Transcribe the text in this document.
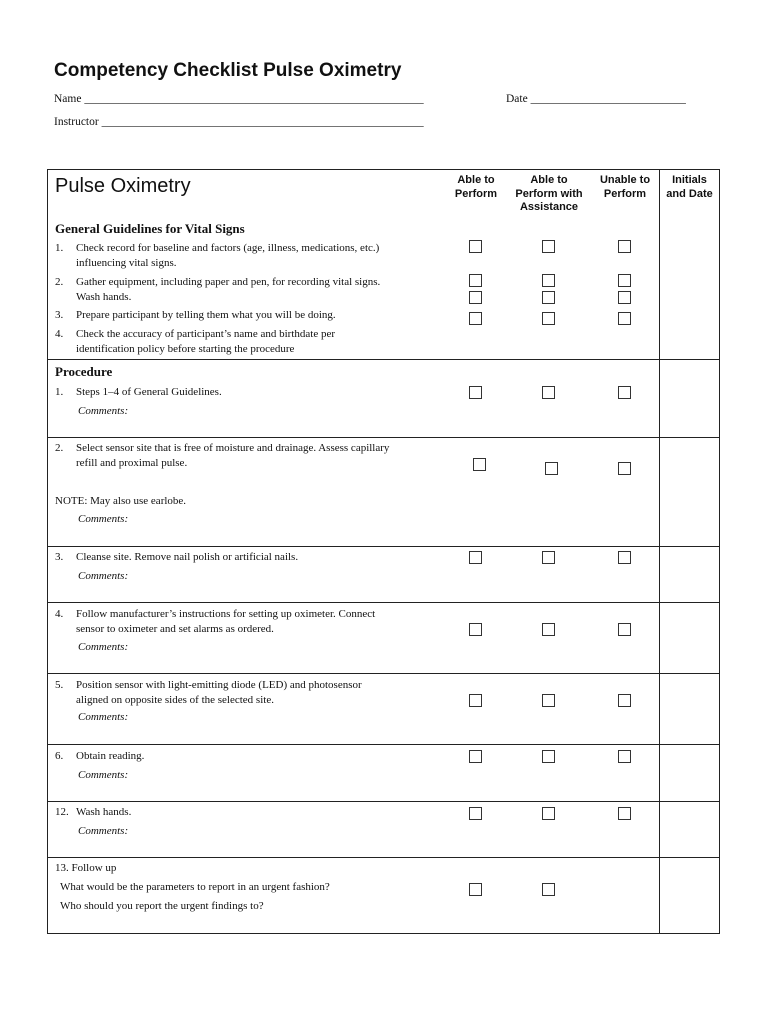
Competency Checklist Pulse Oximetry
Name ___________________________________________________________	Date ___________________________
Instructor ________________________________________________________
Pulse Oximetry	Able to
Perform
Able to
Perform with
Assistance
Unable to
Perform
Initials
and Date
General Guidelines for Vital Signs
1. Check record for baseline and factors (age, illness, medications, etc.)
influencing vital signs.
2. Gather equipment, including paper and pen, for recording vital signs.
Wash hands.
3. Prepare participant by telling them what you will be doing.
4. Check the accuracy of participant’s name and birthdate per
identification policy before starting the procedure
Procedure
1. Steps 1–4 of General Guidelines.
Comments:
2. Select sensor site that is free of moisture and drainage. Assess capillary
refill and proximal pulse.
NOTE: May also use earlobe.
Comments:
3. Cleanse site. Remove nail polish or artificial nails.
Comments:
4. Follow manufacturer’s instructions for setting up oximeter. Connect
sensor to oximeter and set alarms as ordered.
Comments:
5. Position sensor with light-emitting diode (LED) and photosensor
aligned on opposite sides of the selected site.
Comments:
6. Obtain reading.
Comments:
12. Wash hands.
Comments:
13. Follow up
What would be the parameters to report in an urgent fashion?
Who should you report the urgent findings to?
